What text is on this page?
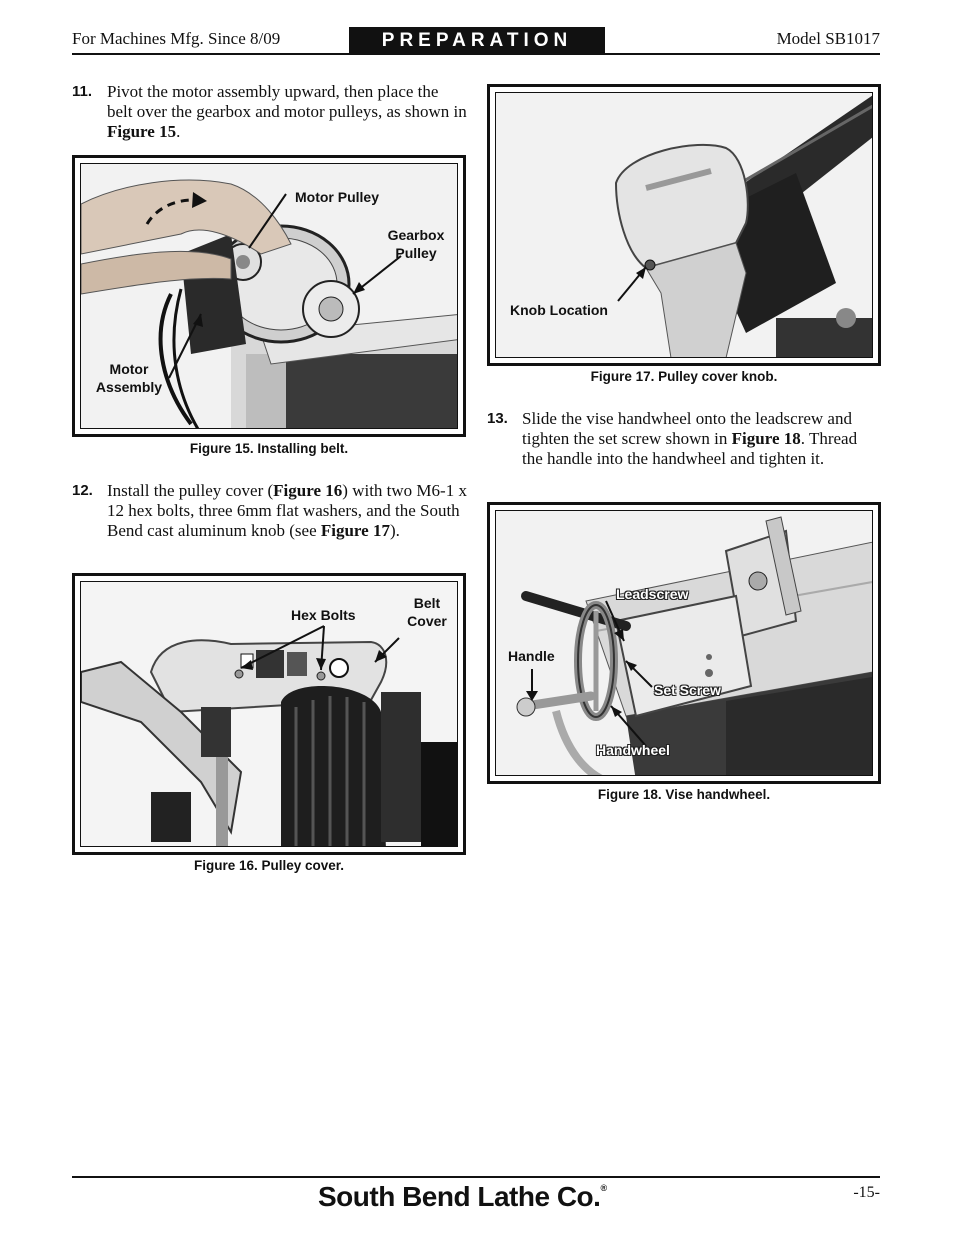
For Machines Mfg. Since 8/09	PREPARATION	Model SB1017
11. Pivot the motor assembly upward, then place the belt over the gearbox and motor pulleys, as shown in Figure 15.
Motor Pulley
Gearbox
Pulley
Motor
Assembly
Figure 15. Installing belt.
12. Install the pulley cover (Figure 16) with two M6-1 x 12 hex bolts, three 6mm flat washers, and the South Bend cast aluminum knob (see Figure 17).
Hex Bolts
Belt
Cover
Figure 16. Pulley cover.
Knob Location
Figure 17. Pulley cover knob.
13. Slide the vise handwheel onto the leadscrew and tighten the set screw shown in Figure 18. Thread the handle into the handwheel and tighten it.
Leadscrew
Handle
Set Screw
Handwheel
Figure 18. Vise handwheel.
South Bend Lathe Co.®	-15-
